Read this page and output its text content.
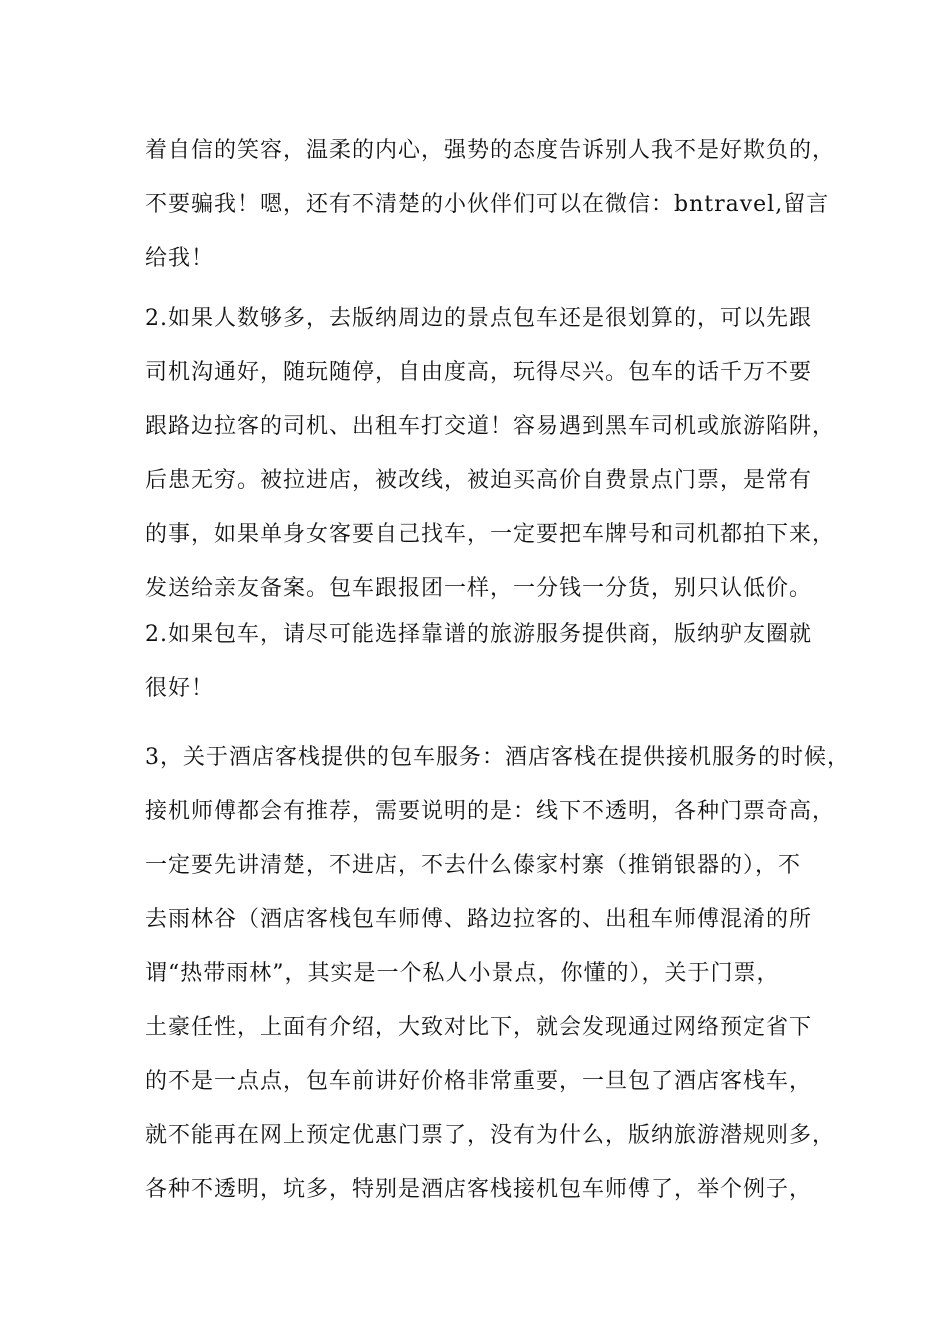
着自信的笑容，温柔的内心，强势的态度告诉别人我不是好欺负的，
不要骗我！嗯，还有不清楚的小伙伴们可以在微信：bntravel,留言
给我！
2.如果人数够多，去版纳周边的景点包车还是很划算的，可以先跟
司机沟通好，随玩随停，自由度高，玩得尽兴。包车的话千万不要
跟路边拉客的司机、出租车打交道！容易遇到黑车司机或旅游陷阱，
后患无穷。被拉进店，被改线，被迫买高价自费景点门票，是常有
的事，如果单身女客要自己找车，一定要把车牌号和司机都拍下来，
发送给亲友备案。包车跟报团一样，一分钱一分货，别只认低价。
2.如果包车，请尽可能选择靠谱的旅游服务提供商，版纳驴友圈就
很好！
3，关于酒店客栈提供的包车服务：酒店客栈在提供接机服务的时候，
接机师傅都会有推荐，需要说明的是：线下不透明，各种门票奇高，
一定要先讲清楚，不进店，不去什么傣家村寨（推销银器的），不
去雨林谷（酒店客栈包车师傅、路边拉客的、出租车师傅混淆的所
谓“热带雨林”，其实是一个私人小景点，你懂的），关于门票，
土豪任性，上面有介绍，大致对比下，就会发现通过网络预定省下
的不是一点点，包车前讲好价格非常重要，一旦包了酒店客栈车，
就不能再在网上预定优惠门票了，没有为什么，版纳旅游潜规则多，
各种不透明，坑多，特别是酒店客栈接机包车师傅了，举个例子，
